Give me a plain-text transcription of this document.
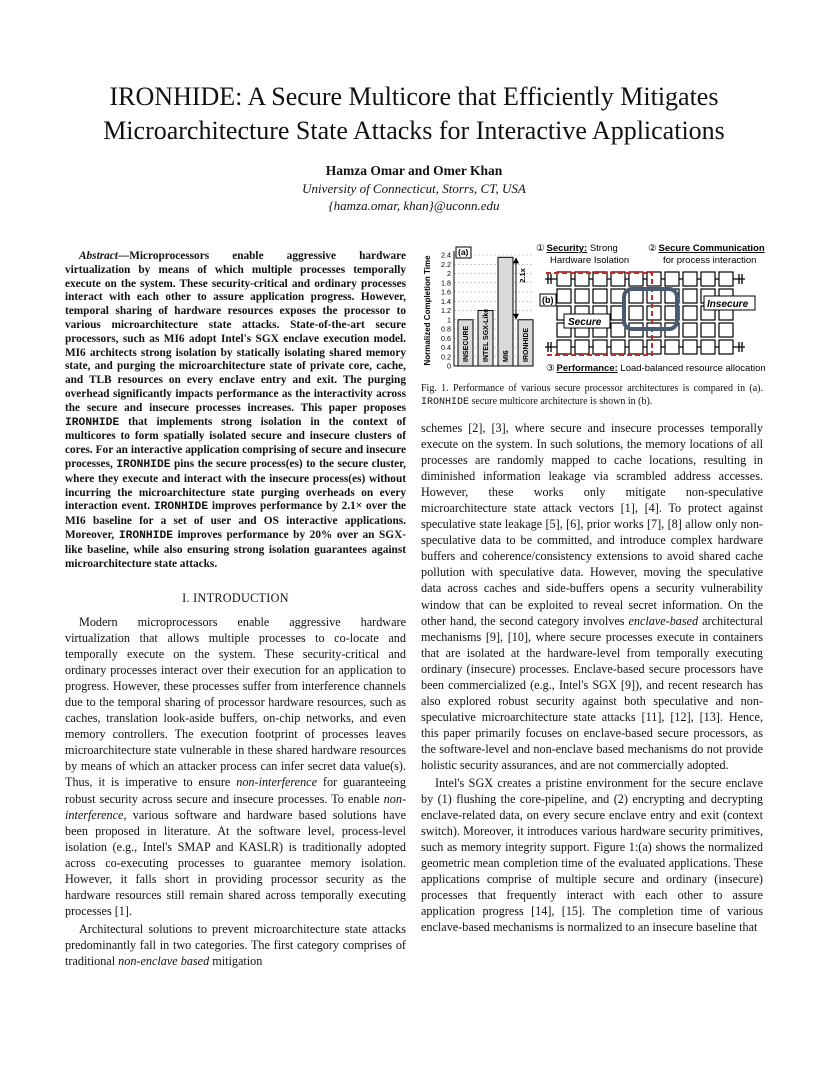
IRONHIDE: A Secure Multicore that Efficiently Mitigates
Microarchitecture State Attacks for Interactive Applications
Hamza Omar and Omer Khan
University of Connecticut, Storrs, CT, USA
{hamza.omar, khan}@uconn.edu

Abstract—Microprocessors enable aggressive hardware virtualization by means of which multiple processes temporally execute on the system. These security-critical and ordinary processes interact with each other to assure application progress. However, temporal sharing of hardware resources exposes the processor to various microarchitecture state attacks. State-of-the-art secure processors, such as MI6 adopt Intel's SGX enclave execution model. MI6 architects strong isolation by statically isolating shared memory state, and purging the microarchitecture state of private core, cache, and TLB resources on every enclave entry and exit. The purging overhead significantly impacts performance as the interactivity across the secure and insecure processes increases. This paper proposes IRONHIDE that implements strong isolation in the context of multicores to form spatially isolated secure and insecure clusters of cores. For an interactive application comprising of secure and insecure processes, IRONHIDE pins the secure process(es) to the secure cluster, where they execute and interact with the insecure process(es) without incurring the microarchitecture state purging overheads on every interaction event. IRONHIDE improves performance by 2.1× over the MI6 baseline for a set of user and OS interactive applications. Moreover, IRONHIDE improves performance by 20% over an SGX-like baseline, while also ensuring strong isolation guarantees against microarchitecture state attacks.

I. INTRODUCTION

Modern microprocessors enable aggressive hardware virtualization that allows multiple processes to co-locate and temporally execute on the system. These security-critical and ordinary processes interact over their execution for an application to progress. However, these processes suffer from interference channels due to the temporal sharing of processor hardware resources, such as caches, translation look-aside buffers, on-chip networks, and even memory controllers. The execution footprint of processes leaves microarchitecture state vulnerable in these shared hardware resources by means of which an attacker process can infer secret data value(s). Thus, it is imperative to ensure non-interference for guaranteeing robust security across secure and insecure processes. To enable non-interference, various software and hardware based solutions have been proposed in literature. At the software level, process-level isolation (e.g., Intel's SMAP and KASLR) is traditionally adopted across co-executing processes to guarantee memory isolation. However, it falls short in providing processor security as the hardware resources still remain shared across temporally executing processes [1].

Architectural solutions to prevent microarchitecture state attacks predominantly fall in two categories. The first category comprises of traditional non-enclave based mitigation

Normalized Completion Time
0
0.2
0.4
0.6
0.8
1
1.2
1.4
1.6
1.8
2
2.2
2.4
INSECURE INTEL SGX-Like MI6 IRONHIDE
(a)
2.1x
① Security: Strong
Hardware Isolation
② Secure Communication
for process interaction
③ Performance: Load-balanced resource allocation
(b)
Secure
Insecure
Fig. 1. Performance of various secure processor architectures is compared in (a). IRONHIDE secure multicore architecture is shown in (b).

schemes [2], [3], where secure and insecure processes temporally execute on the system. In such solutions, the memory locations of all processes are randomly mapped to cache locations, resulting in diminished information leakage via scrambled address accesses. However, these works only mitigate non-speculative microarchitecture state attack vectors [1], [4]. To protect against speculative state leakage [5], [6], prior works [7], [8] allow only non-speculative data to be committed, and introduce complex hardware buffers and coherence/consistency extensions to avoid shared cache pollution with speculative data. However, moving the speculative data across caches and side-buffers opens a security vulnerability window that can be exploited to reveal secret information. On the other hand, the second category involves enclave-based architectural mechanisms [9], [10], where secure processes execute in containers that are isolated at the hardware-level from temporally executing ordinary (insecure) processes. Enclave-based secure processors have been commercialized (e.g., Intel's SGX [9]), and recent research has also explored robust security against both speculative and non-speculative microarchitecture state attacks [11], [12], [13]. Hence, this paper primarily focuses on enclave-based secure processors, as the software-level and non-enclave based mechanisms do not provide holistic security assurances, and are not commercially adopted.

Intel's SGX creates a pristine environment for the secure enclave by (1) flushing the core-pipeline, and (2) encrypting and decrypting enclave-related data, on every secure enclave entry and exit (context switch). Moreover, it introduces various hardware security primitives, such as memory integrity support. Figure 1:(a) shows the normalized geometric mean completion time of the evaluated applications. These applications comprise of multiple secure and ordinary (insecure) processes that frequently interact with each other to assure application progress [14], [15]. The completion time of various enclave-based mechanisms is normalized to an insecure baseline that
